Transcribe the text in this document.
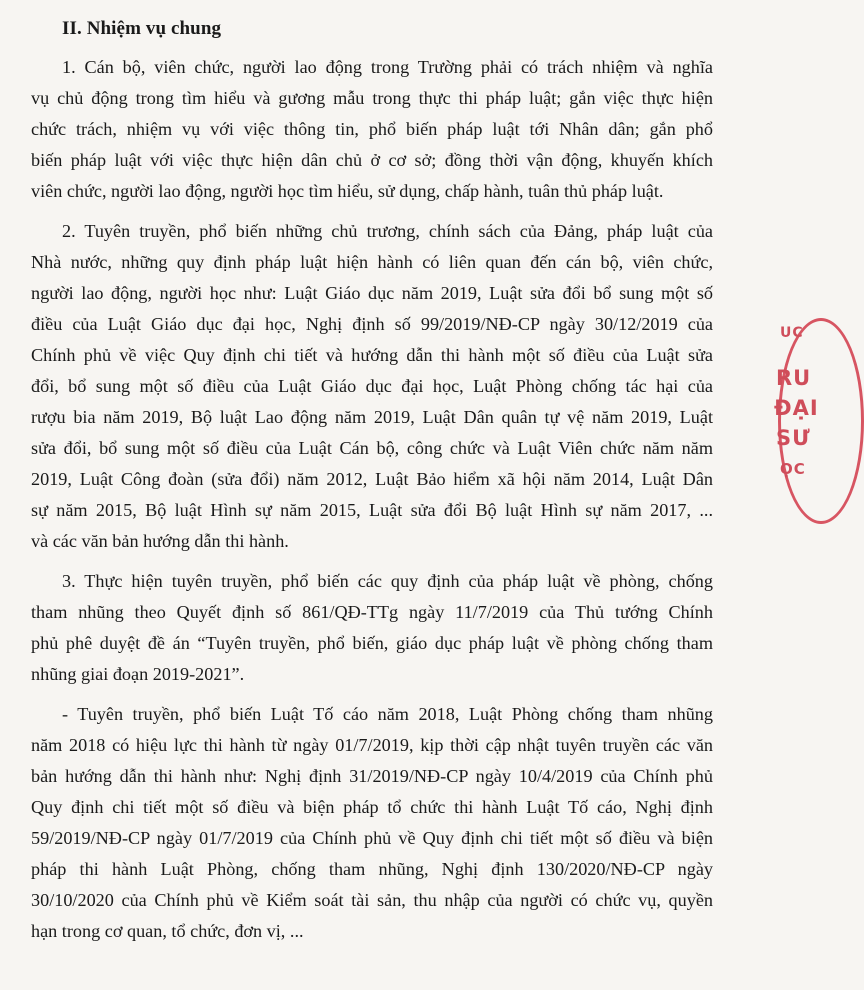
II. Nhiệm vụ chung
1. Cán bộ, viên chức, người lao động trong Trường phải có trách nhiệm và nghĩa
vụ chủ động trong tìm hiểu và gương mẫu trong thực thi pháp luật; gắn việc thực hiện
chức trách, nhiệm vụ với việc thông tin, phổ biến pháp luật tới Nhân dân; gắn phổ
biến pháp luật với việc thực hiện dân chủ ở cơ sở; đồng thời vận động, khuyến khích
viên chức, người lao động, người học tìm hiểu, sử dụng, chấp hành, tuân thủ pháp luật.
2. Tuyên truyền, phổ biến những chủ trương, chính sách của Đảng, pháp luật của
Nhà nước, những quy định pháp luật hiện hành có liên quan đến cán bộ, viên chức,
người lao động, người học như: Luật Giáo dục năm 2019, Luật sửa đổi bổ sung một số
điều của Luật Giáo dục đại học, Nghị định số 99/2019/NĐ-CP ngày 30/12/2019 của
Chính phủ về việc Quy định chi tiết và hướng dẫn thi hành một số điều của Luật sửa
đổi, bổ sung một số điều của Luật Giáo dục đại học, Luật Phòng chống tác hại của
rượu bia năm 2019, Bộ luật Lao động năm 2019, Luật Dân quân tự vệ năm 2019, Luật
sửa đổi, bổ sung một số điều của Luật Cán bộ, công chức và Luật Viên chức năm năm
2019, Luật Công đoàn (sửa đổi) năm 2012, Luật Bảo hiểm xã hội năm 2014, Luật Dân
sự năm 2015, Bộ luật Hình sự năm 2015, Luật sửa đổi Bộ luật Hình sự năm 2017, ...
và các văn bản hướng dẫn thi hành.
3. Thực hiện tuyên truyền, phổ biến các quy định của pháp luật về phòng, chống
tham nhũng theo Quyết định số 861/QĐ-TTg ngày 11/7/2019 của Thủ tướng Chính
phủ phê duyệt đề án “Tuyên truyền, phổ biến, giáo dục pháp luật về phòng chống tham
nhũng giai đoạn 2019-2021”.
- Tuyên truyền, phổ biến Luật Tố cáo năm 2018, Luật Phòng chống tham nhũng
năm 2018 có hiệu lực thi hành từ ngày 01/7/2019, kịp thời cập nhật tuyên truyền các văn
bản hướng dẫn thi hành như: Nghị định 31/2019/NĐ-CP ngày 10/4/2019 của Chính phủ
Quy định chi tiết một số điều và biện pháp tổ chức thi hành Luật Tố cáo, Nghị định
59/2019/NĐ-CP ngày 01/7/2019 của Chính phủ về Quy định chi tiết một số điều và biện
pháp thi hành Luật Phòng, chống tham nhũng, Nghị định 130/2020/NĐ-CP ngày
30/10/2020 của Chính phủ về Kiểm soát tài sản, thu nhập của người có chức vụ, quyền
hạn trong cơ quan, tổ chức, đơn vị, ...
UC
RU
ĐẠI
SƯ
ỌC
